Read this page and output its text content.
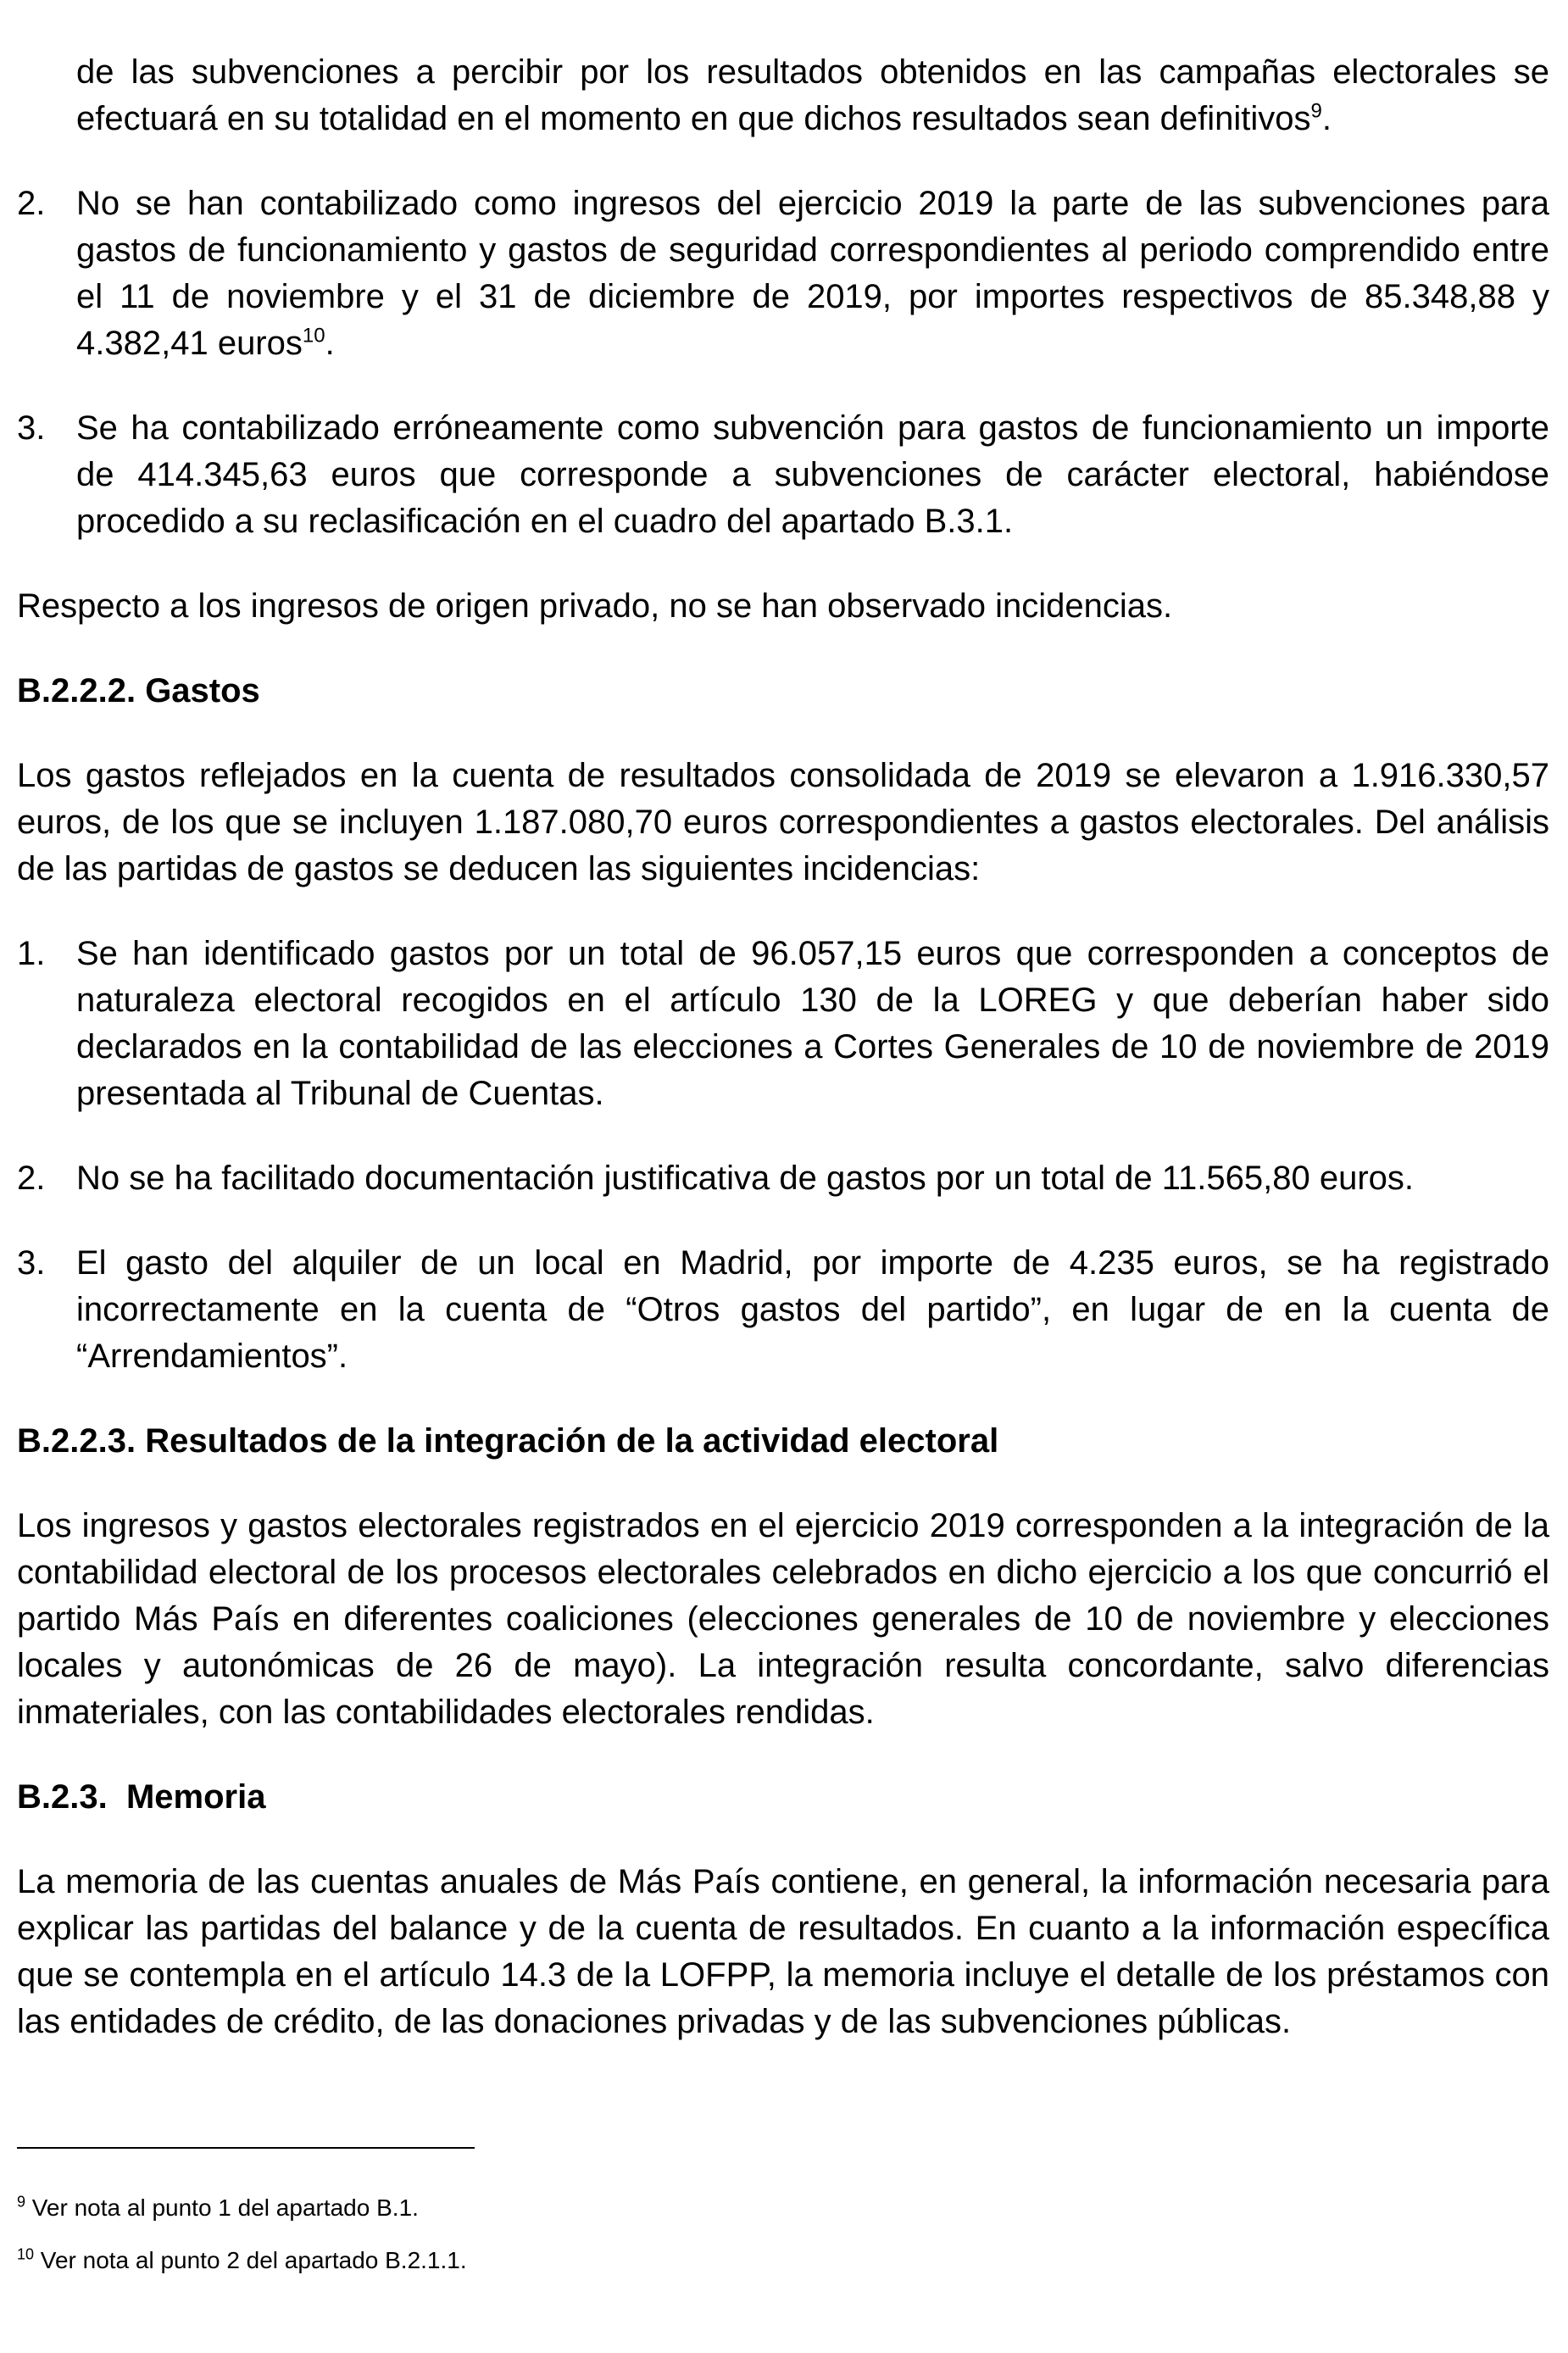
de las subvenciones a percibir por los resultados obtenidos en las campañas electorales se efectuará en su totalidad en el momento en que dichos resultados sean definitivos$^9$.

2. No se han contabilizado como ingresos del ejercicio 2019 la parte de las subvenciones para gastos de funcionamiento y gastos de seguridad correspondientes al periodo comprendido entre el 11 de noviembre y el 31 de diciembre de 2019, por importes respectivos de 85.348,88 y 4.382,41 euros$^{10}$.
3. Se ha contabilizado erróneamente como subvención para gastos de funcionamiento un importe de 414.345,63 euros que corresponde a subvenciones de carácter electoral, habiéndose procedido a su reclasificación en el cuadro del apartado B.3.1.

Respecto a los ingresos de origen privado, no se han observado incidencias.

B.2.2.2. Gastos

Los gastos reflejados en la cuenta de resultados consolidada de 2019 se elevaron a 1.916.330,57 euros, de los que se incluyen 1.187.080,70 euros correspondientes a gastos electorales. Del análisis de las partidas de gastos se deducen las siguientes incidencias:

1. Se han identificado gastos por un total de 96.057,15 euros que corresponden a conceptos de naturaleza electoral recogidos en el artículo 130 de la LOREG y que deberían haber sido declarados en la contabilidad de las elecciones a Cortes Generales de 10 de noviembre de 2019 presentada al Tribunal de Cuentas.
2. No se ha facilitado documentación justificativa de gastos por un total de 11.565,80 euros.
3. El gasto del alquiler de un local en Madrid, por importe de 4.235 euros, se ha registrado incorrectamente en la cuenta de “Otros gastos del partido”, en lugar de en la cuenta de “Arrendamientos”.

B.2.2.3. Resultados de la integración de la actividad electoral

Los ingresos y gastos electorales registrados en el ejercicio 2019 corresponden a la integración de la contabilidad electoral de los procesos electorales celebrados en dicho ejercicio a los que concurrió el partido Más País en diferentes coaliciones (elecciones generales de 10 de noviembre y elecciones locales y autonómicas de 26 de mayo). La integración resulta concordante, salvo diferencias inmateriales, con las contabilidades electorales rendidas.

B.2.3.  Memoria

La memoria de las cuentas anuales de Más País contiene, en general, la información necesaria para explicar las partidas del balance y de la cuenta de resultados. En cuanto a la información específica que se contempla en el artículo 14.3 de la LOFPP, la memoria incluye el detalle de los préstamos con las entidades de crédito, de las donaciones privadas y de las subvenciones públicas.

$^9$ Ver nota al punto 1 del apartado B.1.
$^{10}$ Ver nota al punto 2 del apartado B.2.1.1.
